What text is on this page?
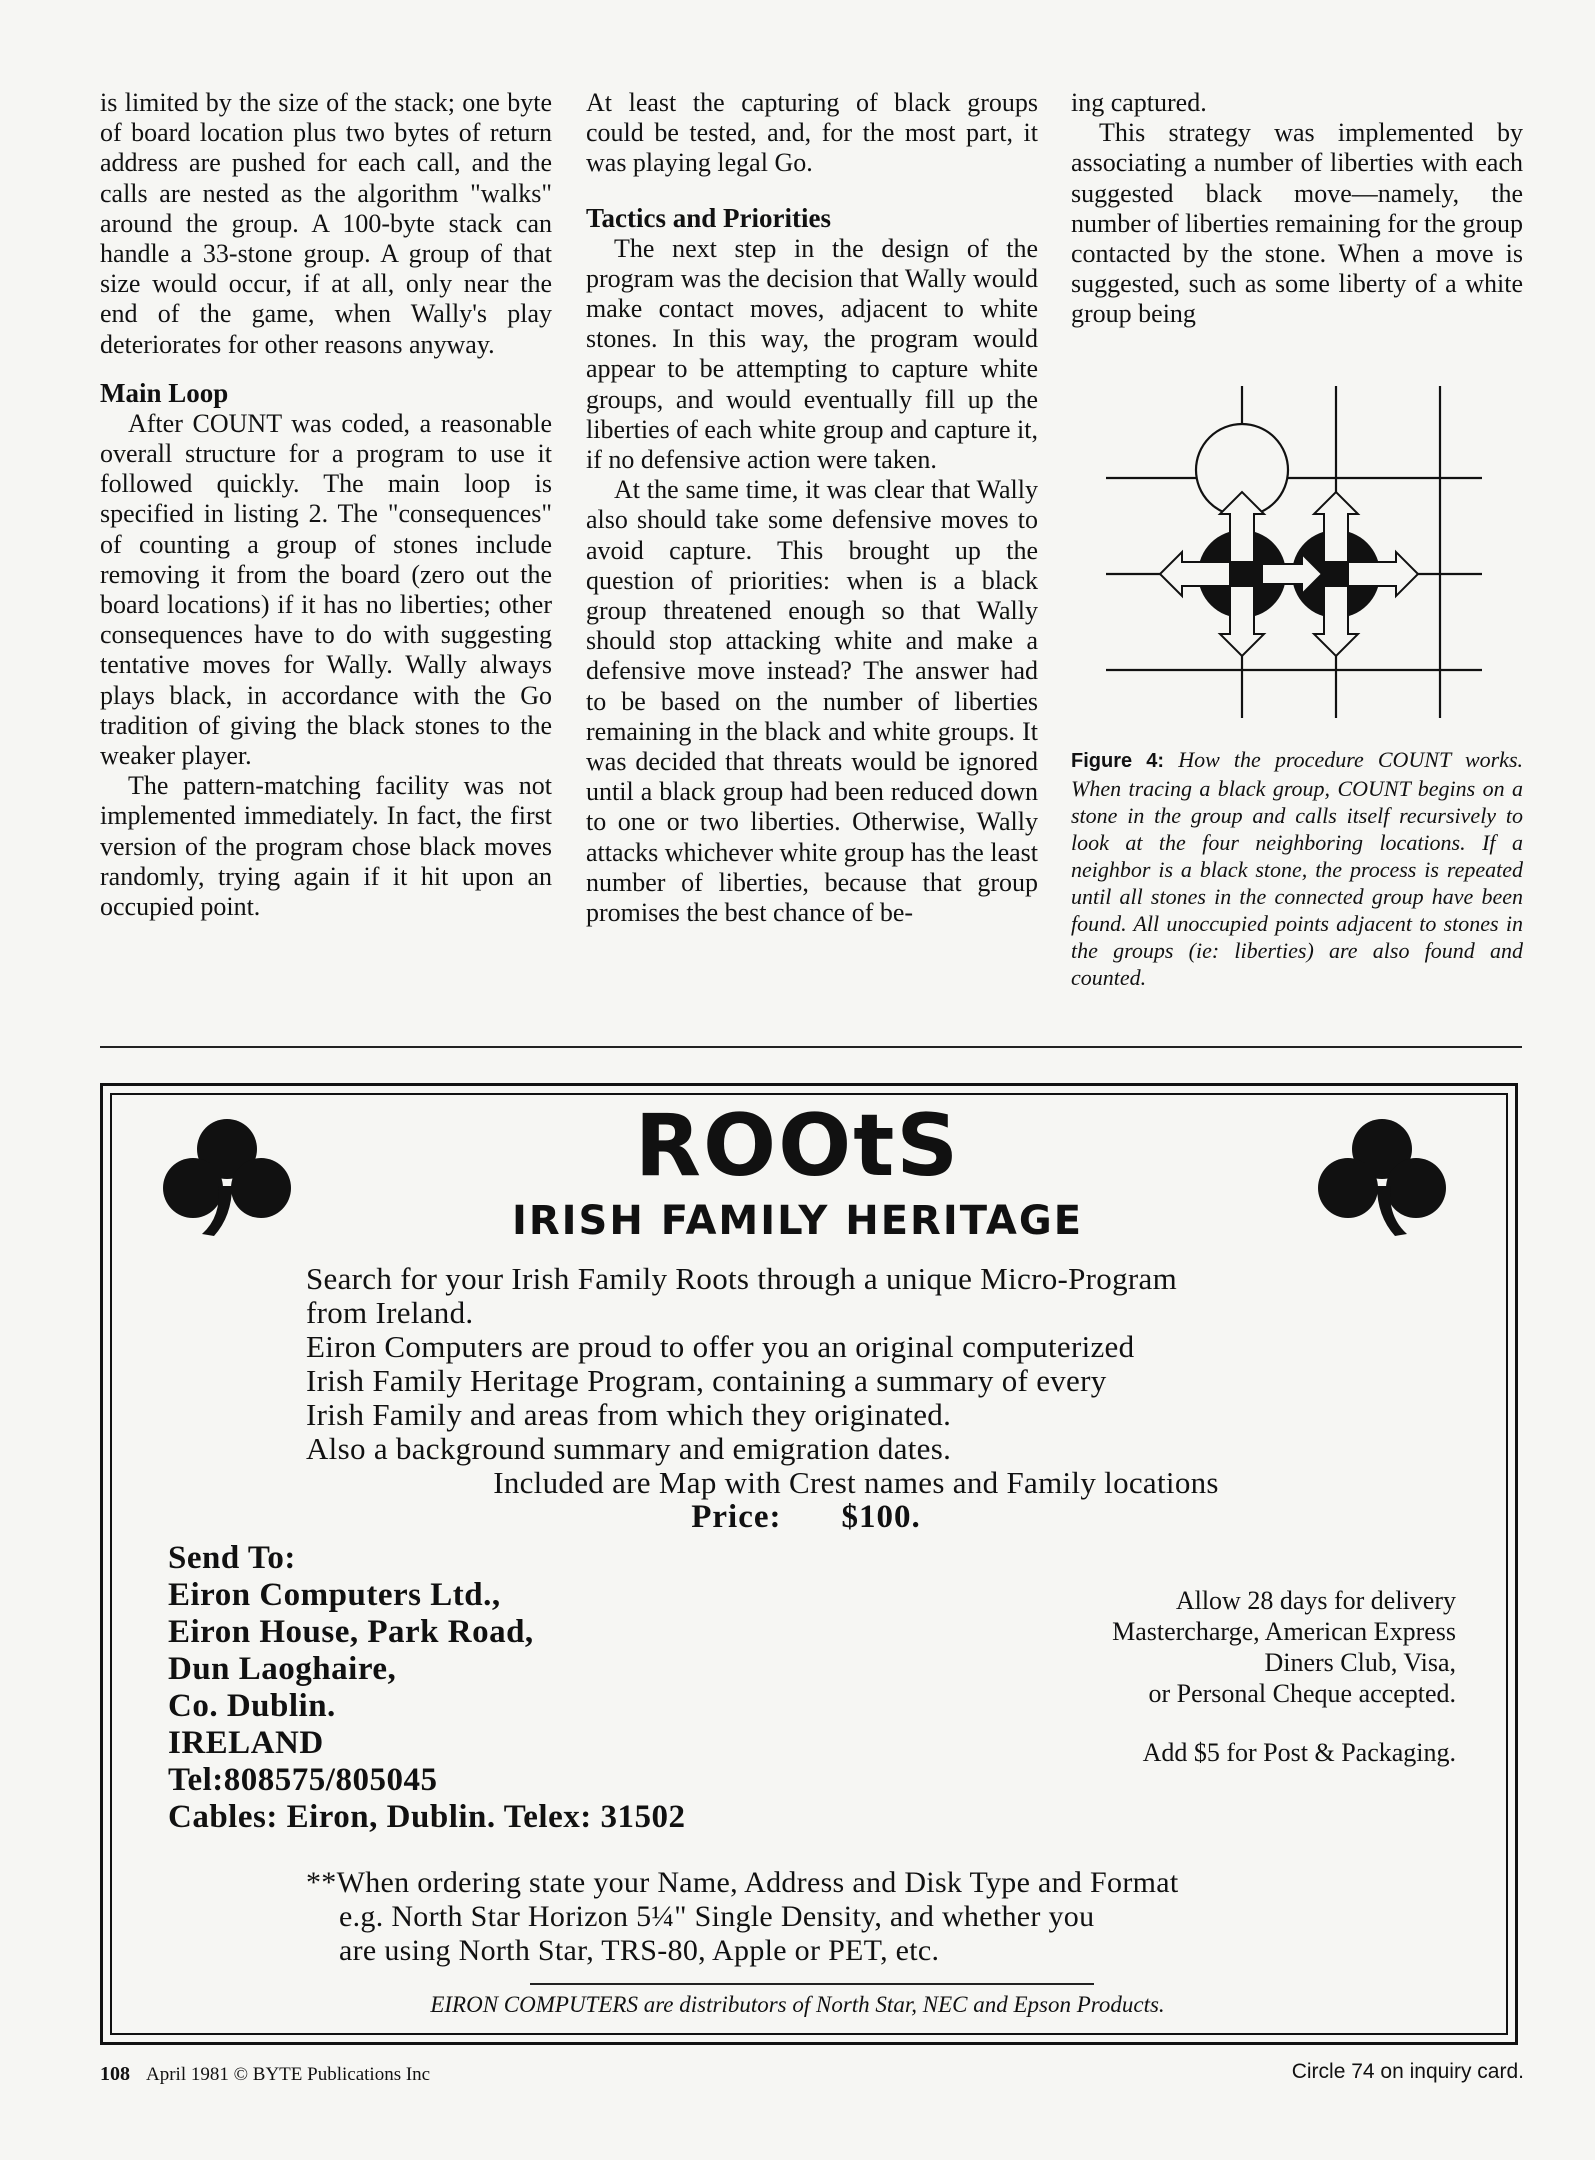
is limited by the size of the stack; one byte of board location plus two bytes of return address are pushed for each call, and the calls are nested as the algorithm "walks" around the group. A 100-byte stack can handle a 33-stone group. A group of that size would occur, if at all, only near the end of the game, when Wally's play deteriorates for other reasons anyway.

Main Loop

After COUNT was coded, a reasonable overall structure for a program to use it followed quickly. The main loop is specified in listing 2. The "consequences" of counting a group of stones include removing it from the board (zero out the board locations) if it has no liberties; other consequences have to do with suggesting tentative moves for Wally. Wally always plays black, in accordance with the Go tradition of giving the black stones to the weaker player.

The pattern-matching facility was not implemented immediately. In fact, the first version of the program chose black moves randomly, trying again if it hit upon an occupied point.

At least the capturing of black groups could be tested, and, for the most part, it was playing legal Go.

Tactics and Priorities

The next step in the design of the program was the decision that Wally would make contact moves, adjacent to white stones. In this way, the program would appear to be attempting to capture white groups, and would eventually fill up the liberties of each white group and capture it, if no defensive action were taken.

At the same time, it was clear that Wally also should take some defensive moves to avoid capture. This brought up the question of priorities: when is a black group threatened enough so that Wally should stop attacking white and make a defensive move instead? The answer had to be based on the number of liberties remaining in the black and white groups. It was decided that threats would be ignored until a black group had been reduced down to one or two liberties. Otherwise, Wally attacks whichever white group has the least number of liberties, because that group promises the best chance of be-

ing captured.

This strategy was implemented by associating a number of liberties with each suggested black move—namely, the number of liberties remaining for the group contacted by the stone. When a move is suggested, such as some liberty of a white group being

Figure 4: How the procedure COUNT works. When tracing a black group, COUNT begins on a stone in the group and calls itself recursively to look at the four neighboring locations. If a neighbor is a black stone, the process is repeated until all stones in the connected group have been found. All unoccupied points adjacent to stones in the groups (ie: liberties) are also found and counted.
ROOtS
IRISH FAMILY HERITAGE

Search for your Irish Family Roots through a unique Micro-Program

from Ireland.

Eiron Computers are proud to offer you an original computerized

Irish Family Heritage Program, containing a summary of every

Irish Family and areas from which they originated.

Also a background summary and emigration dates.

Included are Map with Crest names and Family locations

Price: $100.

Send To:

Eiron Computers Ltd.,

Eiron House, Park Road,

Dun Laoghaire,

Co. Dublin.

IRELAND

Tel:808575/805045

Cables: Eiron, Dublin. Telex: 31502

Allow 28 days for delivery

Mastercharge, American Express

Diners Club, Visa,

or Personal Cheque accepted.

Add $5 for Post & Packaging.

**When ordering state your Name, Address and Disk Type and Format

e.g. North Star Horizon 5¼" Single Density, and whether you

are using North Star, TRS-80, Apple or PET, etc.

EIRON COMPUTERS are distributors of North Star, NEC and Epson Products.
108 April 1981 © BYTE Publications Inc	Circle 74 on inquiry card.
